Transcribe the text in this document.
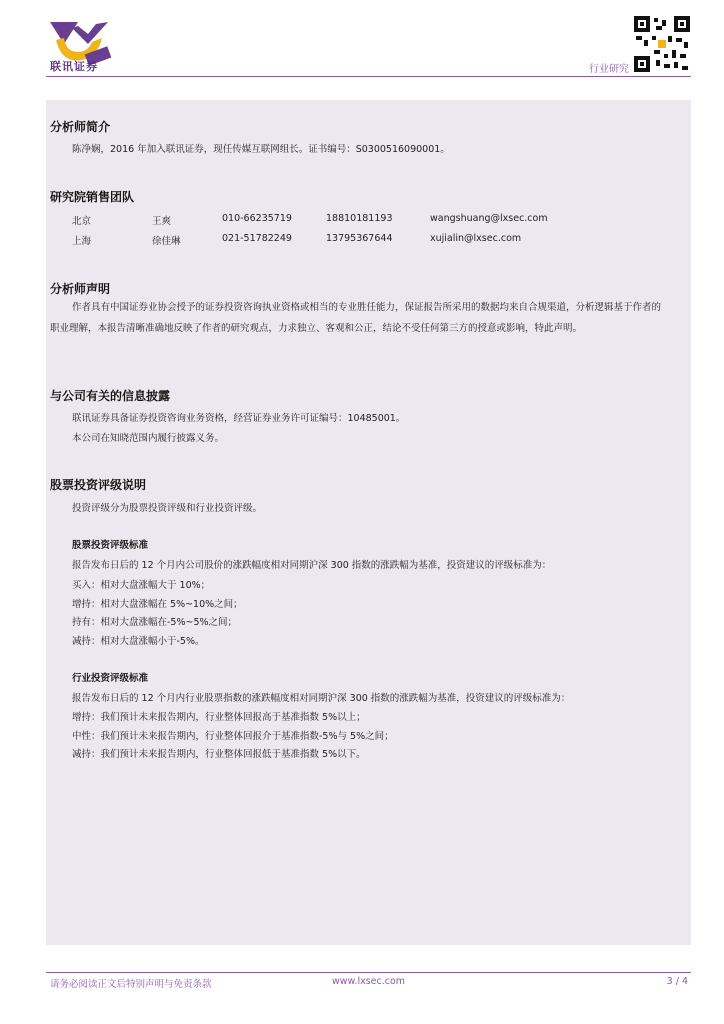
联讯证券	行业研究
分析师简介
陈净娴，2016 年加入联讯证券，现任传媒互联网组长。证书编号：S0300516090001。
研究院销售团队
北京	王爽	010-66235719	18810181193	wangshuang@lxsec.com
上海	徐佳琳	021-51782249	13795367644	xujialin@lxsec.com
分析师声明
作者具有中国证券业协会授予的证券投资咨询执业资格或相当的专业胜任能力，保证报告所采用的数据均来自合规渠道，分析逻辑基于作者的职业理解，本报告清晰准确地反映了作者的研究观点，力求独立、客观和公正，结论不受任何第三方的授意或影响，特此声明。
与公司有关的信息披露
联讯证券具备证券投资咨询业务资格，经营证券业务许可证编号：10485001。
本公司在知晓范围内履行披露义务。
股票投资评级说明
投资评级分为股票投资评级和行业投资评级。
股票投资评级标准
报告发布日后的 12 个月内公司股价的涨跌幅度相对同期沪深 300 指数的涨跌幅为基准，投资建议的评级标准为：
买入：相对大盘涨幅大于 10%；
增持：相对大盘涨幅在 5%~10%之间；
持有：相对大盘涨幅在-5%~5%之间；
减持：相对大盘涨幅小于-5%。
行业投资评级标准
报告发布日后的 12 个月内行业股票指数的涨跌幅度相对同期沪深 300 指数的涨跌幅为基准，投资建议的评级标准为：
增持：我们预计未来报告期内，行业整体回报高于基准指数 5%以上；
中性：我们预计未来报告期内，行业整体回报介于基准指数-5%与 5%之间；
减持：我们预计未来报告期内，行业整体回报低于基准指数 5%以下。
请务必阅读正文后特别声明与免责条款	www.lxsec.com	3 / 4
